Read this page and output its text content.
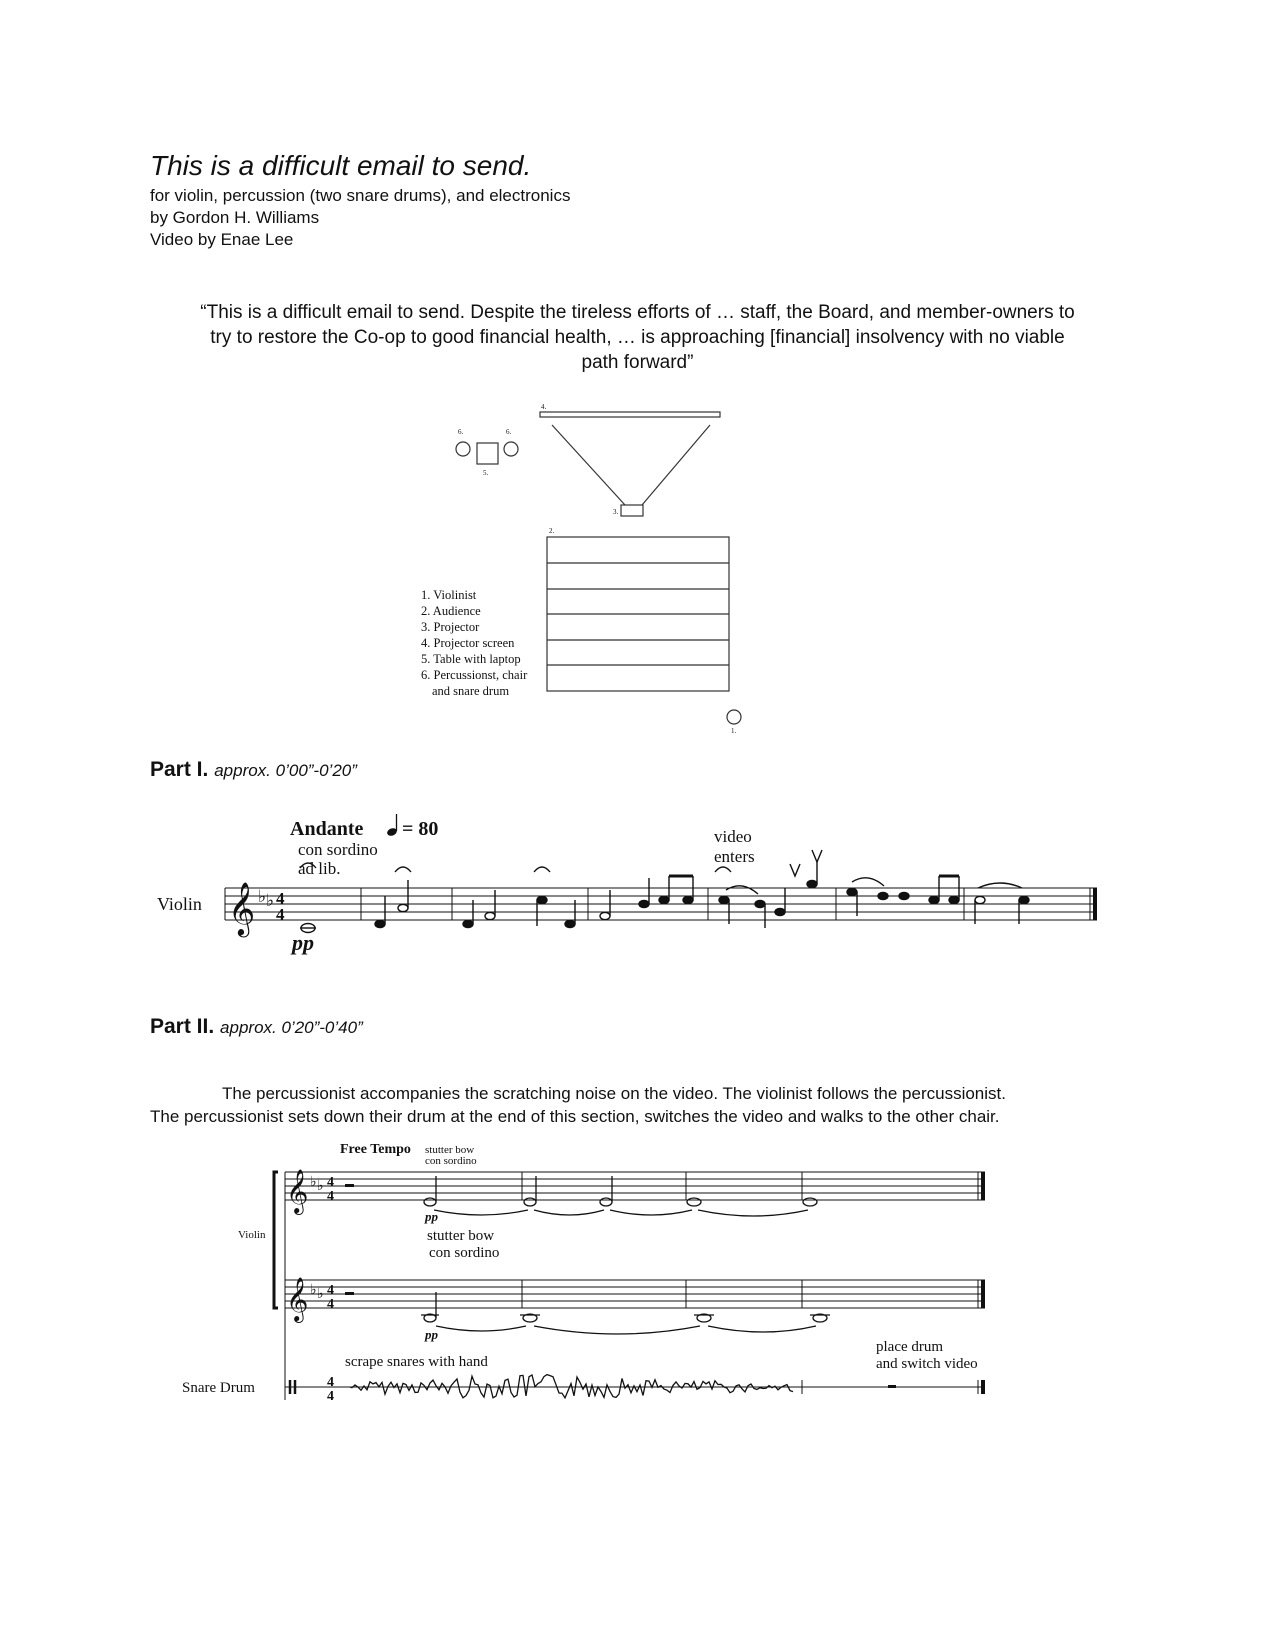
This is a difficult email to send.
for violin, percussion (two snare drums), and electronics
by Gordon H. Williams
Video by Enae Lee
“This is a difficult email to send. Despite the tireless efforts of … staff, the Board, and member-owners to
try to restore the Co-op to good financial health, … is approaching [financial] insolvency with no viable
path forward”
4.
6.	6.
5.
3.
2.
1.
1. Violinist
2. Audience
3. Projector
4. Projector screen
5. Table with laptop
6. Percussionst, chair
and snare drum
Part I. approx. 0’00”-0’20”
Andante = 80
con sordino
ad lib.
video
enters
Violin 𝄞 ♭ ♭ 4
4
pp
Part II. approx. 0’20”-0’40”
The percussionist accompanies the scratching noise on the video. The violinist follows the percussionist.
The percussionist sets down their drum at the end of this section, switches the video and walks to the other chair.
Free Tempo stutter bow
con sordino
𝄞 ♭ ♭ 4
4
pp
Violin	stutter bow
con sordino
𝄞 ♭ ♭ 4
4
pp
scrape snares with hand
place drum
and switch video
Snare Drum	4
4
